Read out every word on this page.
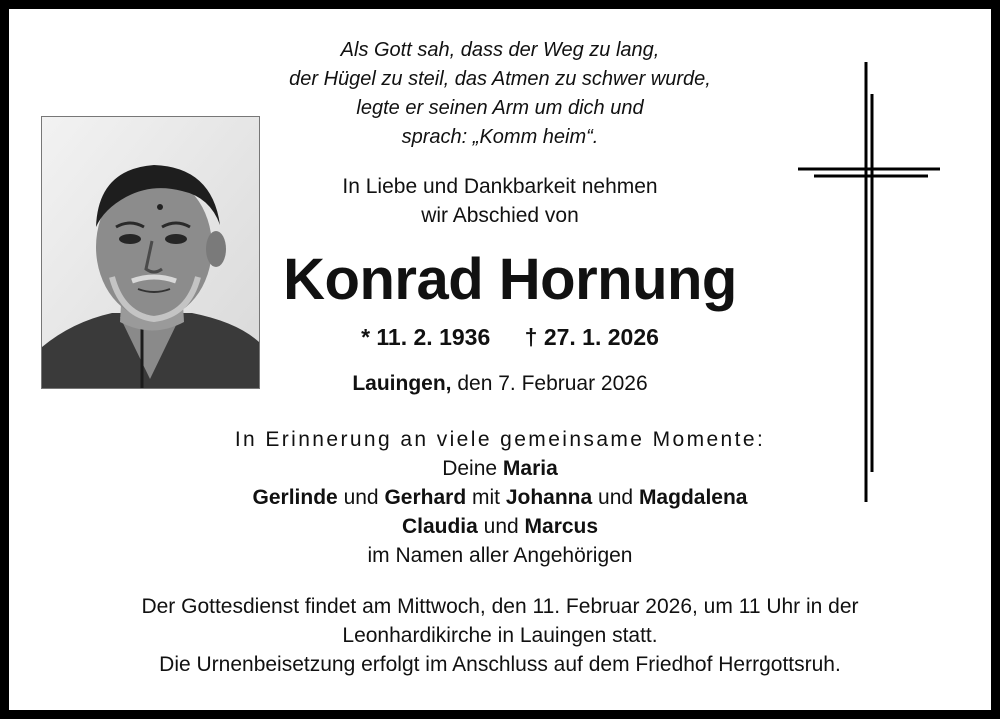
Als Gott sah, dass der Weg zu lang,
der Hügel zu steil, das Atmen zu schwer wurde,
legte er seinen Arm um dich und
sprach: „Komm heim“.
In Liebe und Dankbarkeit nehmen
wir Abschied von
Konrad Hornung
* 11. 2. 1936 † 27. 1. 2026
Lauingen, den 7. Februar 2026
In Erinnerung an viele gemeinsame Momente:
Deine Maria
Gerlinde und Gerhard mit Johanna und Magdalena
Claudia und Marcus
im Namen aller Angehörigen
Der Gottesdienst findet am Mittwoch, den 11. Februar 2026, um 11 Uhr in der
Leonhardikirche in Lauingen statt.
Die Urnenbeisetzung erfolgt im Anschluss auf dem Friedhof Herrgottsruh.
